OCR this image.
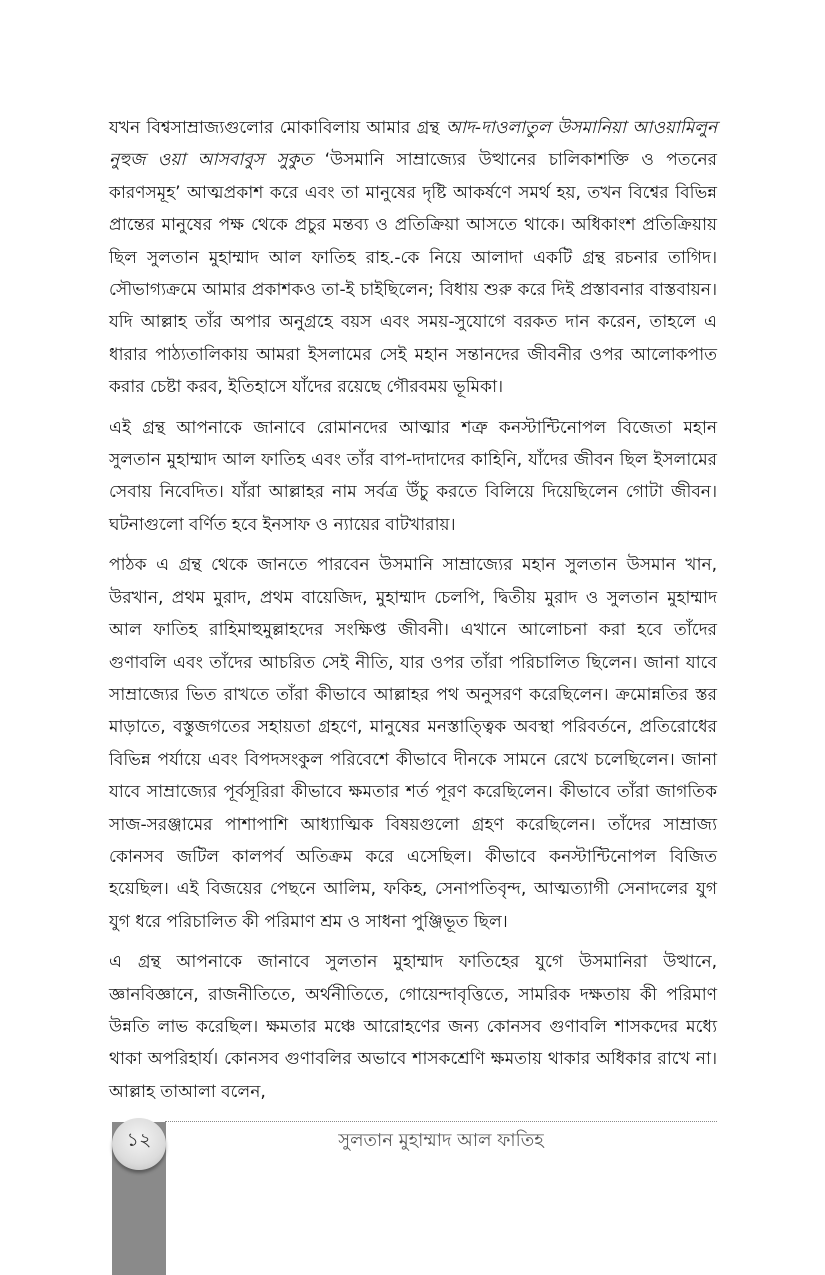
যখন বিশ্বসাম্রাজ্যগুলোর মোকাবিলায় আমার গ্রন্থ আদ-দাওলাতুল উসমানিয়া আওয়ামিলুন নুহুজ ওয়া আসবাবুস সুকুত ‘উসমানি সাম্রাজ্যের উত্থানের চালিকাশক্তি ও পতনের কারণসমূহ’ আত্মপ্রকাশ করে এবং তা মানুষের দৃষ্টি আকর্ষণে সমর্থ হয়, তখন বিশ্বের বিভিন্ন প্রান্তের মানুষের পক্ষ থেকে প্রচুর মন্তব্য ও প্রতিক্রিয়া আসতে থাকে। অধিকাংশ প্রতিক্রিয়ায় ছিল সুলতান মুহাম্মাদ আল ফাতিহ রাহ.-কে নিয়ে আলাদা একটি গ্রন্থ রচনার তাগিদ। সৌভাগ্যক্রমে আমার প্রকাশকও তা-ই চাইছিলেন; বিধায় শুরু করে দিই প্রস্তাবনার বাস্তবায়ন। যদি আল্লাহ তাঁর অপার অনুগ্রহে বয়স এবং সময়-সুযোগে বরকত দান করেন, তাহলে এ ধারার পাঠ্যতালিকায় আমরা ইসলামের সেই মহান সন্তানদের জীবনীর ওপর আলোকপাত করার চেষ্টা করব, ইতিহাসে যাঁদের রয়েছে গৌরবময় ভূমিকা।

এই গ্রন্থ আপনাকে জানাবে রোমানদের আত্মার শত্রু কনস্টান্টিনোপল বিজেতা মহান সুলতান মুহাম্মাদ আল ফাতিহ এবং তাঁর বাপ-দাদাদের কাহিনি, যাঁদের জীবন ছিল ইসলামের সেবায় নিবেদিত। যাঁরা আল্লাহর নাম সর্বত্র উঁচু করতে বিলিয়ে দিয়েছিলেন গোটা জীবন। ঘটনাগুলো বর্ণিত হবে ইনসাফ ও ন্যায়ের বাটখারায়।

পাঠক এ গ্রন্থ থেকে জানতে পারবেন উসমানি সাম্রাজ্যের মহান সুলতান উসমান খান, উরখান, প্রথম মুরাদ, প্রথম বায়েজিদ, মুহাম্মাদ চেলপি, দ্বিতীয় মুরাদ ও সুলতান মুহাম্মাদ আল ফাতিহ রাহিমাহুমুল্লাহদের সংক্ষিপ্ত জীবনী। এখানে আলোচনা করা হবে তাঁদের গুণাবলি এবং তাঁদের আচরিত সেই নীতি, যার ওপর তাঁরা পরিচালিত ছিলেন। জানা যাবে সাম্রাজ্যের ভিত রাখতে তাঁরা কীভাবে আল্লাহর পথ অনুসরণ করেছিলেন। ক্রমোন্নতির স্তর মাড়াতে, বস্তুজগতের সহায়তা গ্রহণে, মানুষের মনস্তাত্ত্বিক অবস্থা পরিবর্তনে, প্রতিরোধের বিভিন্ন পর্যায়ে এবং বিপদসংকুল পরিবেশে কীভাবে দীনকে সামনে রেখে চলেছিলেন। জানা যাবে সাম্রাজ্যের পূর্বসূরিরা কীভাবে ক্ষমতার শর্ত পূরণ করেছিলেন। কীভাবে তাঁরা জাগতিক সাজ-সরঞ্জামের পাশাপাশি আধ্যাত্মিক বিষয়গুলো গ্রহণ করেছিলেন। তাঁদের সাম্রাজ্য কোনসব জটিল কালপর্ব অতিক্রম করে এসেছিল। কীভাবে কনস্টান্টিনোপল বিজিত হয়েছিল। এই বিজয়ের পেছনে আলিম, ফকিহ, সেনাপতিবৃন্দ, আত্মত্যাগী সেনাদলের যুগ যুগ ধরে পরিচালিত কী পরিমাণ শ্রম ও সাধনা পুঞ্জিভূত ছিল।

এ গ্রন্থ আপনাকে জানাবে সুলতান মুহাম্মাদ ফাতিহের যুগে উসমানিরা উত্থানে, জ্ঞানবিজ্ঞানে, রাজনীতিতে, অর্থনীতিতে, গোয়েন্দাবৃত্তিতে, সামরিক দক্ষতায় কী পরিমাণ উন্নতি লাভ করেছিল। ক্ষমতার মঞ্চে আরোহণের জন্য কোনসব গুণাবলি শাসকদের মধ্যে থাকা অপরিহার্য। কোনসব গুণাবলির অভাবে শাসকশ্রেণি ক্ষমতায় থাকার অধিকার রাখে না। আল্লাহ তাআলা বলেন,

সুলতান মুহাম্মাদ আল ফাতিহ
১২
